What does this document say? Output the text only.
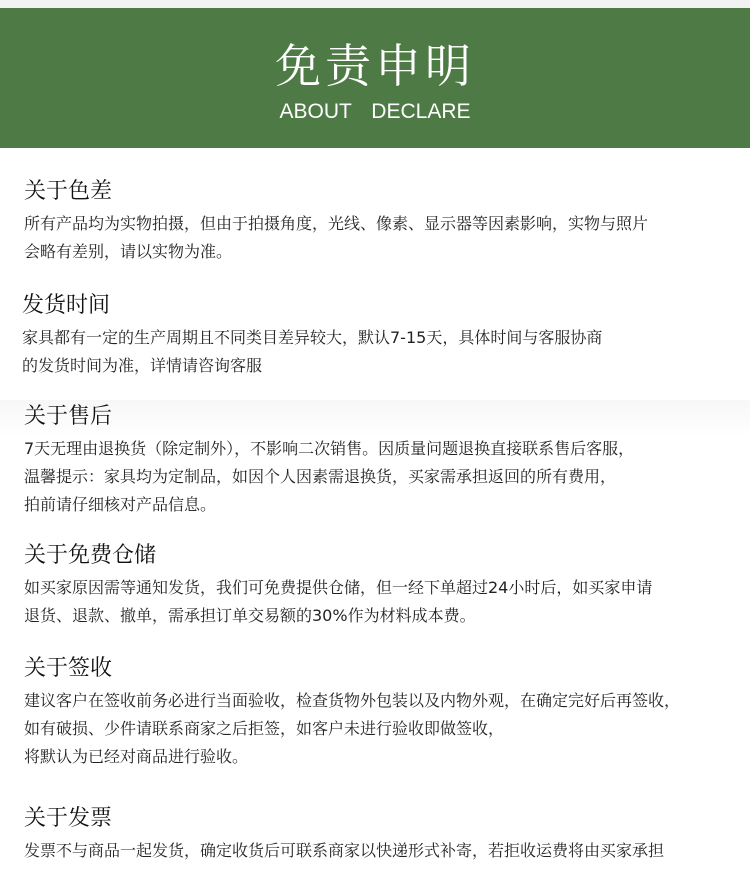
免责申明
ABOUT DECLARE
关于色差
所有产品均为实物拍摄，但由于拍摄角度，光线、像素、显示器等因素影响，实物与照片
会略有差别，请以实物为准。
发货时间
家具都有一定的生产周期且不同类目差异较大，默认7-15天，具体时间与客服协商
的发货时间为准，详情请咨询客服
关于售后
7天无理由退换货（除定制外），不影响二次销售。因质量问题退换直接联系售后客服，
温馨提示：家具均为定制品，如因个人因素需退换货，买家需承担返回的所有费用，
拍前请仔细核对产品信息。
关于免费仓储
如买家原因需等通知发货，我们可免费提供仓储，但一经下单超过24小时后，如买家申请
退货、退款、撤单，需承担订单交易额的30%作为材料成本费。
关于签收
建议客户在签收前务必进行当面验收，检查货物外包装以及内物外观，在确定完好后再签收，
如有破损、少件请联系商家之后拒签，如客户未进行验收即做签收，
将默认为已经对商品进行验收。
关于发票
发票不与商品一起发货，确定收货后可联系商家以快递形式补寄，若拒收运费将由买家承担
